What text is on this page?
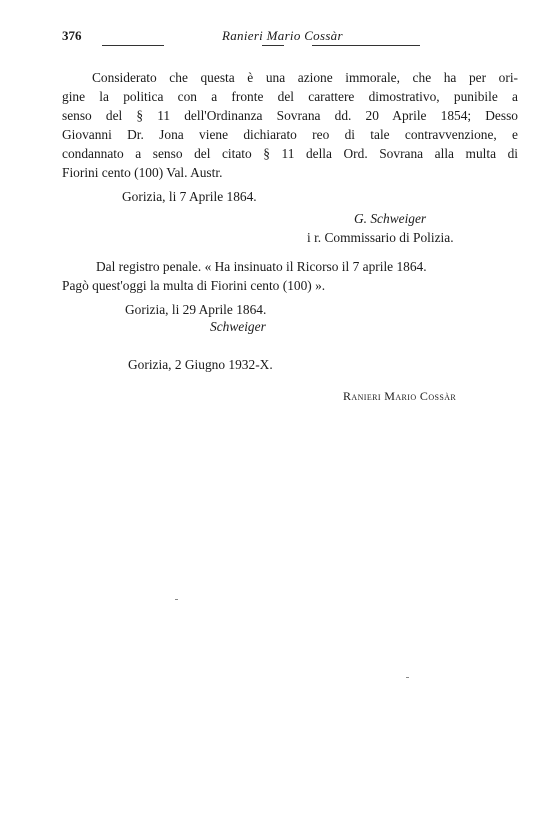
376	Ranieri Mario Cossàr
Considerato che questa è una azione immorale, che ha per ori-
gine la politica con a fronte del carattere dimostrativo, punibile a
senso del § 11 dell'Ordinanza Sovrana dd. 20 Aprile 1854; Desso
Giovanni Dr. Jona viene dichiarato reo di tale contravvenzione, e
condannato a senso del citato § 11 della Ord. Sovrana alla multa di
Fiorini cento (100) Val. Austr.
Gorizia, li 7 Aprile 1864.
G. Schweiger
i r. Commissario di Polizia.
Dal registro penale. « Ha insinuato il Ricorso il 7 aprile 1864.
Pagò quest'oggi la multa di Fiorini cento (100) ».
Gorizia, li 29 Aprile 1864.
Schweiger
Gorizia, 2 Giugno 1932-X.
Ranieri Mario Cossàr
